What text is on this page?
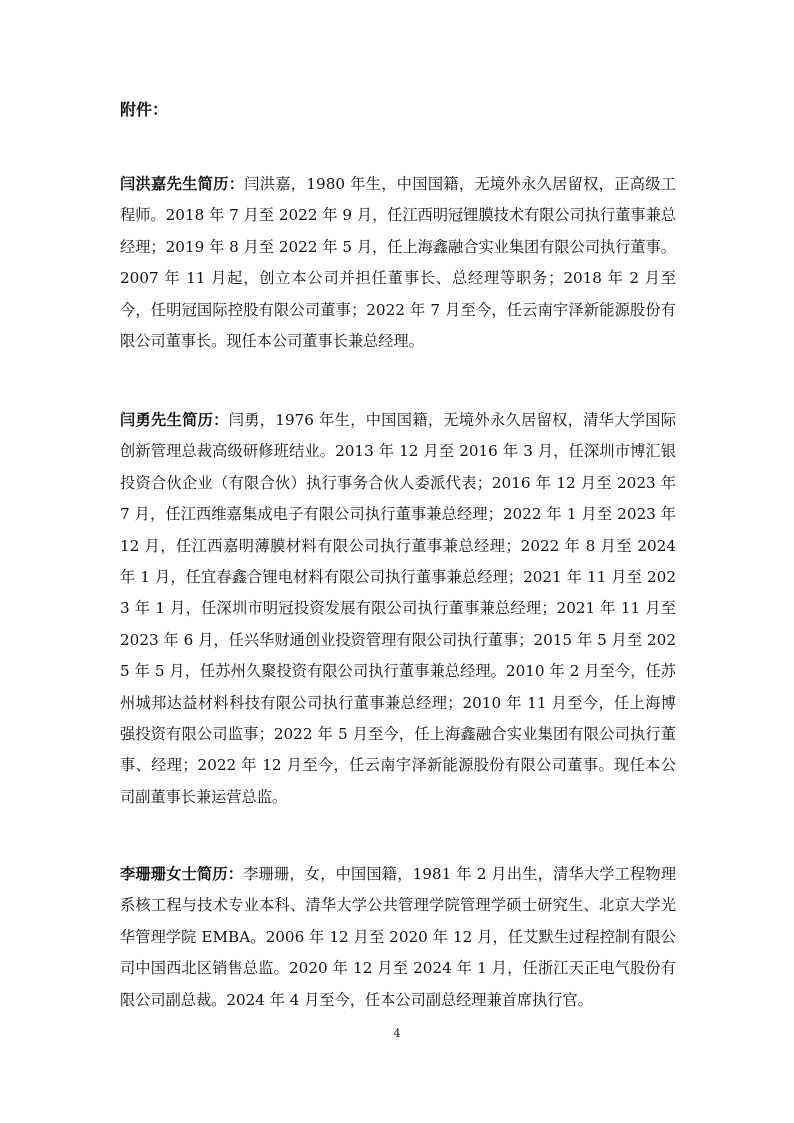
附件：

闫洪嘉先生简历：闫洪嘉，1980 年生，中国国籍，无境外永久居留权，正高级工程师。2018 年 7 月至 2022 年 9 月，任江西明冠锂膜技术有限公司执行董事兼总经理；2019 年 8 月至 2022 年 5 月，任上海鑫融合实业集团有限公司执行董事。2007 年 11 月起，创立本公司并担任董事长、总经理等职务；2018 年 2 月至今，任明冠国际控股有限公司董事；2022 年 7 月至今，任云南宇泽新能源股份有限公司董事长。现任本公司董事长兼总经理。

闫勇先生简历：闫勇，1976 年生，中国国籍，无境外永久居留权，清华大学国际创新管理总裁高级研修班结业。2013 年 12 月至 2016 年 3 月，任深圳市博汇银投资合伙企业（有限合伙）执行事务合伙人委派代表；2016 年 12 月至 2023 年 7 月，任江西维嘉集成电子有限公司执行董事兼总经理；2022 年 1 月至 2023 年 12 月，任江西嘉明薄膜材料有限公司执行董事兼总经理；2022 年 8 月至 2024 年 1 月，任宜春鑫合锂电材料有限公司执行董事兼总经理；2021 年 11 月至 2023 年 1 月，任深圳市明冠投资发展有限公司执行董事兼总经理；2021 年 11 月至 2023 年 6 月，任兴华财通创业投资管理有限公司执行董事；2015 年 5 月至 2025 年 5 月，任苏州久聚投资有限公司执行董事兼总经理。2010 年 2 月至今，任苏州城邦达益材料科技有限公司执行董事兼总经理；2010 年 11 月至今，任上海博强投资有限公司监事；2022 年 5 月至今，任上海鑫融合实业集团有限公司执行董事、经理；2022 年 12 月至今，任云南宇泽新能源股份有限公司董事。现任本公司副董事长兼运营总监。

李珊珊女士简历：李珊珊，女，中国国籍，1981 年 2 月出生，清华大学工程物理系核工程与技术专业本科、清华大学公共管理学院管理学硕士研究生、北京大学光华管理学院 EMBA。2006 年 12 月至 2020 年 12 月，任艾默生过程控制有限公司中国西北区销售总监。2020 年 12 月至 2024 年 1 月，任浙江天正电气股份有限公司副总裁。2024 年 4 月至今，任本公司副总经理兼首席执行官。

4
